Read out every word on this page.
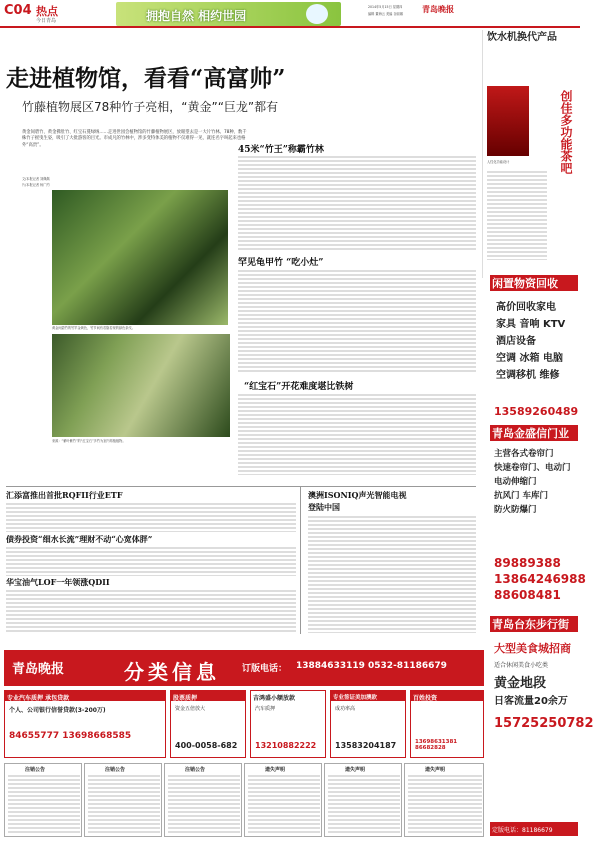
C04 热点
今日青岛	拥抱自然 相约世园
2014年5月15日 星期四
编辑 董海云 美编 谷丽娜 青岛晚报
走进植物馆，看看“高富帅”
竹藤植物展区78种竹子亮相，“黄金”“巨龙”都有
黄金间碧竹、黄金佛肚竹、红宝石蔓绿绒……走进世园会植物馆的竹藤植物展区，放眼望去是一大片竹林。78种、数千株竹子摇曳生姿，吸引了大批游客的目光。市成凡的竹林中，涉多变特体美的植物不仅难得一见，就连名字叫起来也格外“高贵”。
文/本报记者 刘佩佩
片/本报记者 杨广约
黄金间碧竹的竹竿金黄色，竹节间有若隐若现的绿色条纹。
来源：“紫叶紫竹”的“红宝石”多竹为室内易植植物。
45米“竹王”称霸竹林
罕见龟甲竹 “吃小灶”
“红宝石”开花难度堪比铁树
汇添富推出首批RQFII行业ETF
债券投资“细水长流”理财不动“心宽体胖”
华宝油气LOF一年领涨QDII
澳洲ISONIQ声光智能电视
登陆中国
饮水机换代产品
人性化功能设计	创佳多功能茶吧
闲置物资回收
高价回收家电
家具 音响 KTV
酒店设备
空调 冰箱 电脑
空调移机 维修
13589260489
青岛金盛信门业
主营各式卷帘门
快速卷帘门、电动门
电动伸缩门
抗风门 车库门
防火防爆门
89889388
13864246988
88608481
青岛台东步行街
大型美食城招商
适合休闲美食小吃类
黄金地段
日客流量20余万
15725250782
定版电话：81186679
青岛晚报	分类信息 订版电话： 13884633119 0532-81186679
专业汽车质押 承包贷款
个人、公司银行信誉贷款(3-200万)
84655777 13698668585
股票质押
资金五倍放大
400-0058-682
吉鸿盛小额放款
汽车质押
13210882222
专业签证美加澳欧
成功率高
13583204187
百姓投资
13698631381 86682828
注销公告	注销公告	注销公告	遗失声明	遗失声明	遗失声明
